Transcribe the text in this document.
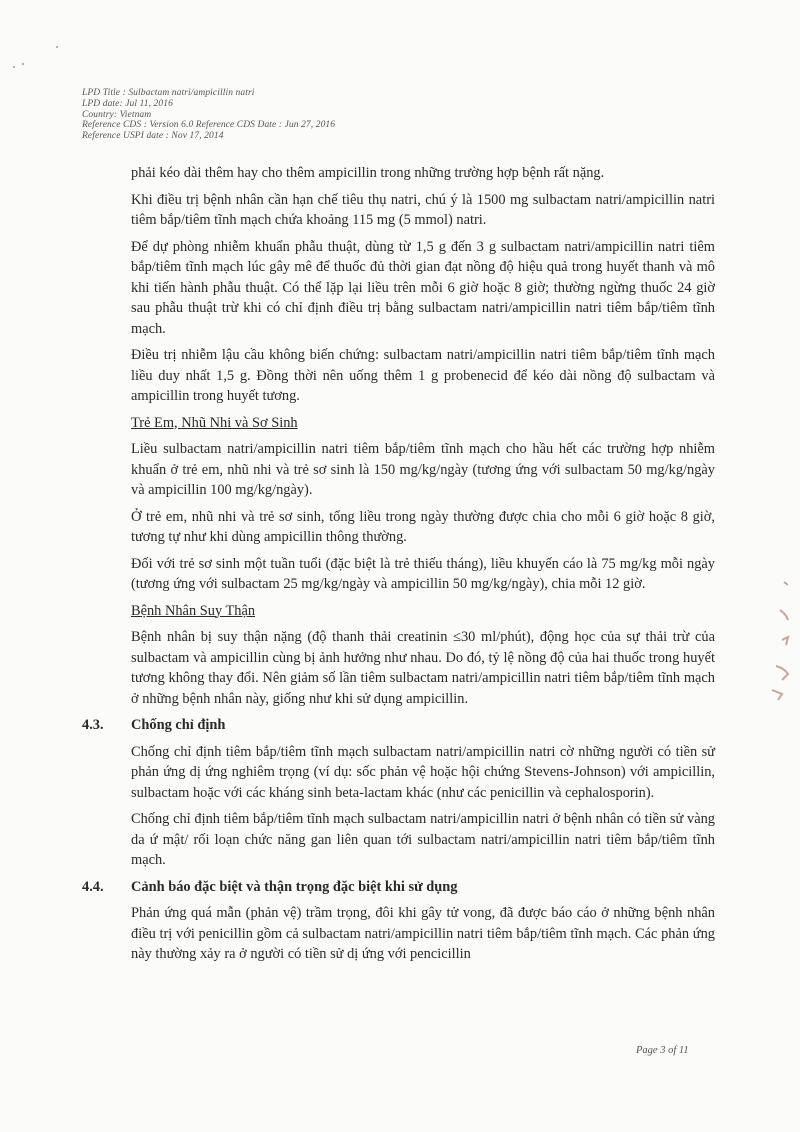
LPD Title : Sulbactam natri/ampicillin natri
LPD date: Jul 11, 2016
Country: Vietnam
Reference CDS : Version 6.0 Reference CDS Date : Jun 27, 2016
Reference USPI date : Nov 17, 2014

phải kéo dài thêm hay cho thêm ampicillin trong những trường hợp bệnh rất nặng.

Khi điều trị bệnh nhân cần hạn chế tiêu thụ natri, chú ý là 1500 mg sulbactam natri/ampicillin natri tiêm bắp/tiêm tĩnh mạch chứa khoảng 115 mg (5 mmol) natri.

Để dự phòng nhiễm khuẩn phẫu thuật, dùng từ 1,5 g đến 3 g sulbactam natri/ampicillin natri tiêm bắp/tiêm tĩnh mạch lúc gây mê để thuốc đủ thời gian đạt nồng độ hiệu quả trong huyết thanh và mô khi tiến hành phẫu thuật. Có thể lặp lại liều trên mỗi 6 giờ hoặc 8 giờ; thường ngừng thuốc 24 giờ sau phẫu thuật trừ khi có chỉ định điều trị bằng sulbactam natri/ampicillin natri tiêm bắp/tiêm tĩnh mạch.

Điều trị nhiễm lậu cầu không biến chứng: sulbactam natri/ampicillin natri tiêm bắp/tiêm tĩnh mạch liều duy nhất 1,5 g. Đồng thời nên uống thêm 1 g probenecid để kéo dài nồng độ sulbactam và ampicillin trong huyết tương.

Trẻ Em, Nhũ Nhi và Sơ Sinh

Liều sulbactam natri/ampicillin natri tiêm bắp/tiêm tĩnh mạch cho hầu hết các trường hợp nhiễm khuẩn ở trẻ em, nhũ nhi và trẻ sơ sinh là 150 mg/kg/ngày (tương ứng với sulbactam 50 mg/kg/ngày và ampicillin 100 mg/kg/ngày).

Ở trẻ em, nhũ nhi và trẻ sơ sinh, tổng liều trong ngày thường được chia cho mỗi 6 giờ hoặc 8 giờ, tương tự như khi dùng ampicillin thông thường.

Đối với trẻ sơ sinh một tuần tuổi (đặc biệt là trẻ thiếu tháng), liều khuyến cáo là 75 mg/kg mỗi ngày (tương ứng với sulbactam 25 mg/kg/ngày và ampicillin 50 mg/kg/ngày), chia mỗi 12 giờ.

Bệnh Nhân Suy Thận

Bệnh nhân bị suy thận nặng (độ thanh thải creatinin ≤30 ml/phút), động học của sự thải trừ của sulbactam và ampicillin cùng bị ảnh hưởng như nhau. Do đó, tỷ lệ nồng độ của hai thuốc trong huyết tương không thay đổi. Nên giảm số lần tiêm sulbactam natri/ampicillin natri tiêm bắp/tiêm tĩnh mạch ở những bệnh nhân này, giống như khi sử dụng ampicillin.

4.3. Chống chỉ định

Chống chỉ định tiêm bắp/tiêm tĩnh mạch sulbactam natri/ampicillin natri cờ những người có tiền sử phản ứng dị ứng nghiêm trọng (ví dụ: sốc phản vệ hoặc hội chứng Stevens-Johnson) với ampicillin, sulbactam hoặc với các kháng sinh beta-lactam khác (như các penicillin và cephalosporin).

Chống chỉ định tiêm bắp/tiêm tĩnh mạch sulbactam natri/ampicillin natri ở bệnh nhân có tiền sử vàng da ứ mật/ rối loạn chức năng gan liên quan tới sulbactam natri/ampicillin natri tiêm bắp/tiêm tĩnh mạch.

4.4. Cảnh báo đặc biệt và thận trọng đặc biệt khi sử dụng

Phản ứng quá mẫn (phản vệ) trầm trọng, đôi khi gây tử vong, đã được báo cáo ở những bệnh nhân điều trị với penicillin gồm cả sulbactam natri/ampicillin natri tiêm bắp/tiêm tĩnh mạch. Các phản ứng này thường xảy ra ở người có tiền sử dị ứng với pencicillin

Page 3 of 11
